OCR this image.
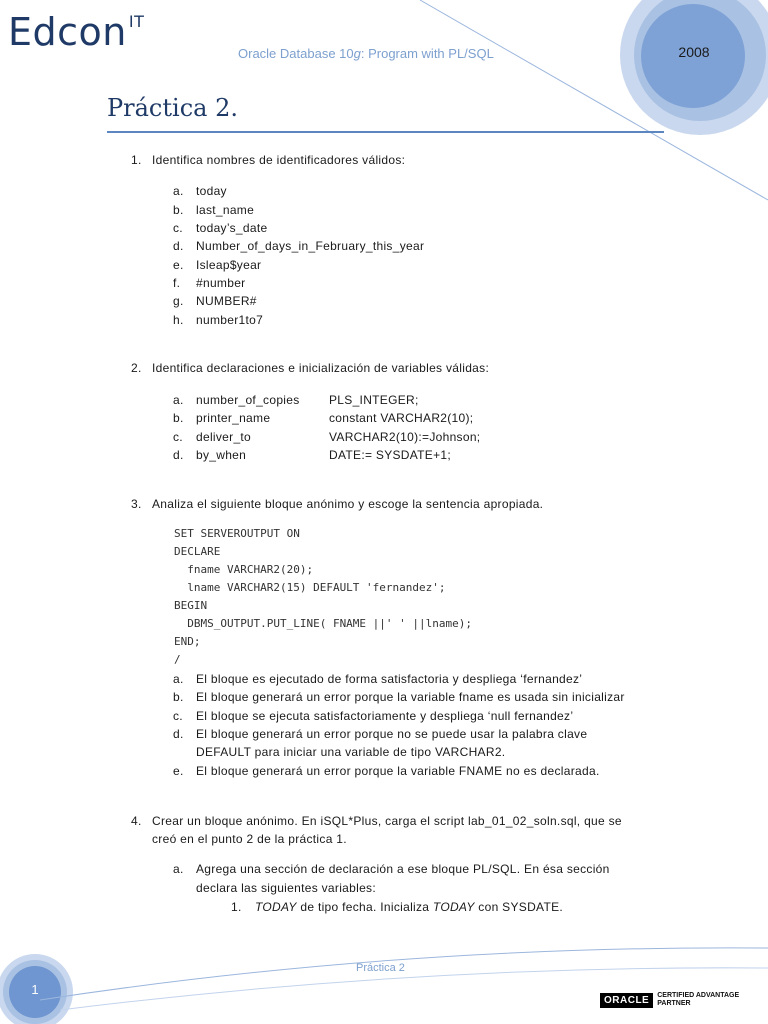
Edcon $^{IT}$
Oracle Database 10g: Program with PL/SQL	2008
Práctica 2.
1. Identifica nombres de identificadores válidos:
a. today
b. last_name
c. today’s_date
d. Number_of_days_in_February_this_year
e. Isleap$year
f. #number
g. NUMBER#
h. number1to7
2. Identifica declaraciones e inicialización de variables válidas:
a. number_of_copies PLS_INTEGER;
b. printer_name	constant VARCHAR2(10);
c. deliver_to	VARCHAR2(10):=Johnson;
d. by_when	DATE:= SYSDATE+1;
3. Analiza el siguiente bloque anónimo y escoge la sentencia apropiada.
SET SERVEROUTPUT ON
DECLARE
fname VARCHAR2(20);
lname VARCHAR2(15) DEFAULT 'fernandez';
BEGIN
DBMS_OUTPUT.PUT_LINE( FNAME ||' ' ||lname);
END;
/
a. El bloque es ejecutado de forma satisfactoria y despliega ‘fernandez’
b. El bloque generará un error porque la variable fname es usada sin inicializar
c. El bloque se ejecuta satisfactoriamente y despliega ‘null fernandez’
d. El bloque generará un error porque no se puede usar la palabra clave
DEFAULT para iniciar una variable de tipo VARCHAR2.
e. El bloque generará un error porque la variable FNAME no es declarada.
4. Crear un bloque anónimo. En iSQL*Plus, carga el script lab_01_02_soln.sql, que se
creó en el punto 2 de la práctica 1.
a. Agrega una sección de declaración a ese bloque PL/SQL. En ésa sección
declara las siguientes variables:
1. TODAY de tipo fecha. Inicializa TODAY con SYSDATE.
Práctica 2
1
ORACLE	CERTIFIED ADVANTAGE
PARTNER
